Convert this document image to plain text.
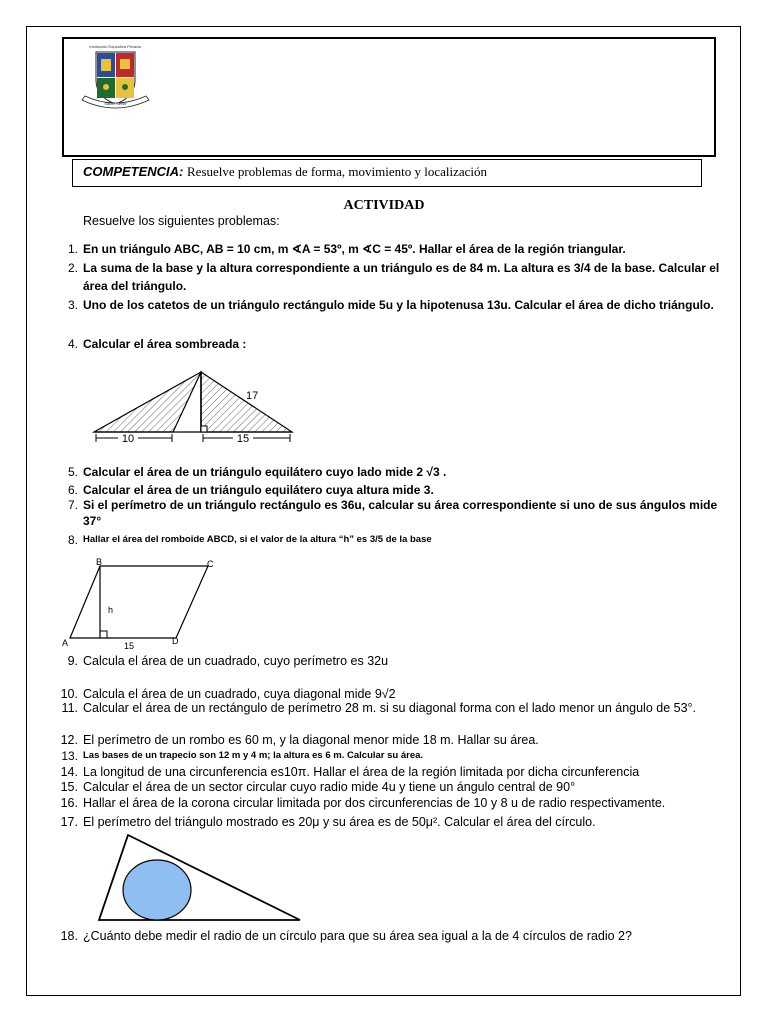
Institución Educativa Privada
Saber Servir
COMPETENCIA: Resuelve problemas de forma, movimiento y localización
ACTIVIDAD
Resuelve los siguientes problemas:
1. En un triángulo ABC, AB = 10 cm, m ∢A = 53º, m ∢C = 45º. Hallar el área de la región triangular.
2. La suma de la base y la altura correspondiente a un triángulo es de 84 m. La altura es 3/4 de la base. Calcular el área del triángulo.
3. Uno de los catetos de un triángulo rectángulo mide 5u y la hipotenusa 13u. Calcular el área de dicho triángulo.
4. Calcular el área sombreada :
17
10	15
5. Calcular el área de un triángulo equilátero cuyo lado mide 2 √3 .
6. Calcular el área de un triángulo equilátero cuya altura mide 3.
7. Si el perímetro de un triángulo rectángulo es 36u, calcular su área correspondiente si uno de sus ángulos mide 37°
8. Hallar el área del romboide ABCD, si el valor de la altura “h” es 3/5 de la base
B	C
A	D
h
15
9. Calcula el área de un cuadrado, cuyo perímetro es 32u
10. Calcula el área de un cuadrado, cuya diagonal mide 9√2
11. Calcular el área de un rectángulo de perímetro 28 m. si su diagonal forma con el lado menor un ángulo de 53°.
12. El perímetro de un rombo es 60 m, y la diagonal menor mide 18 m. Hallar su área.
13. Las bases de un trapecio son 12 m y 4 m; la altura es 6 m. Calcular su área.
14. La longitud de una circunferencia es10π. Hallar el área de la región limitada por dicha circunferencia
15. Calcular el área de un sector circular cuyo radio mide 4u y tiene un ángulo central de 90°
16. Hallar el área de la corona circular limitada por dos circunferencias de 10 y 8 u de radio respectivamente.
17. El perímetro del triángulo mostrado es 20μ y su área es de 50μ². Calcular el área del círculo.
18. ¿Cuánto debe medir el radio de un círculo para que su área sea igual a la de 4 círculos de radio 2?
